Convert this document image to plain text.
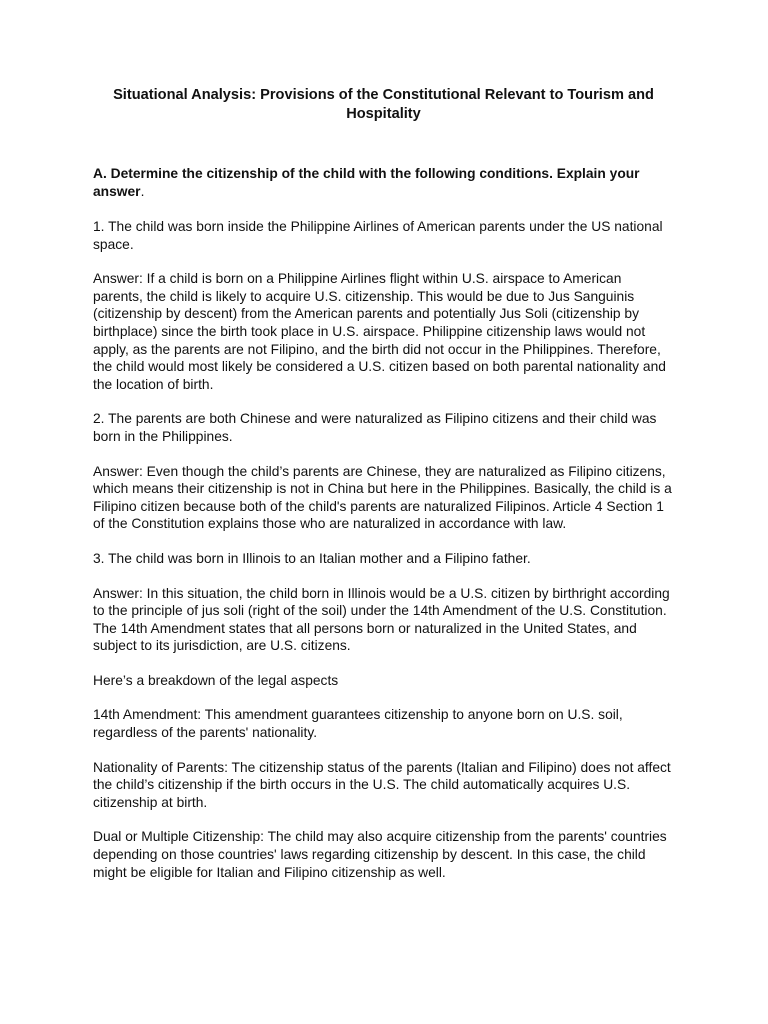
Situational Analysis: Provisions of the Constitutional Relevant to Tourism and Hospitality

A. Determine the citizenship of the child with the following conditions. Explain your answer.

1. The child was born inside the Philippine Airlines of American parents under the US national space.

Answer: If a child is born on a Philippine Airlines flight within U.S. airspace to American parents, the child is likely to acquire U.S. citizenship. This would be due to Jus Sanguinis (citizenship by descent) from the American parents and potentially Jus Soli (citizenship by birthplace) since the birth took place in U.S. airspace. Philippine citizenship laws would not apply, as the parents are not Filipino, and the birth did not occur in the Philippines. Therefore, the child would most likely be considered a U.S. citizen based on both parental nationality and the location of birth.

2. The parents are both Chinese and were naturalized as Filipino citizens and their child was born in the Philippines.

Answer: Even though the child’s parents are Chinese, they are naturalized as Filipino citizens, which means their citizenship is not in China but here in the Philippines. Basically, the child is a Filipino citizen because both of the child's parents are naturalized Filipinos. Article 4 Section 1 of the Constitution explains those who are naturalized in accordance with law.

3. The child was born in Illinois to an Italian mother and a Filipino father.

Answer: In this situation, the child born in Illinois would be a U.S. citizen by birthright according to the principle of jus soli (right of the soil) under the 14th Amendment of the U.S. Constitution. The 14th Amendment states that all persons born or naturalized in the United States, and subject to its jurisdiction, are U.S. citizens.

Here’s a breakdown of the legal aspects

14th Amendment: This amendment guarantees citizenship to anyone born on U.S. soil, regardless of the parents' nationality.

Nationality of Parents: The citizenship status of the parents (Italian and Filipino) does not affect the child’s citizenship if the birth occurs in the U.S. The child automatically acquires U.S. citizenship at birth.

Dual or Multiple Citizenship: The child may also acquire citizenship from the parents' countries depending on those countries' laws regarding citizenship by descent. In this case, the child might be eligible for Italian and Filipino citizenship as well.
